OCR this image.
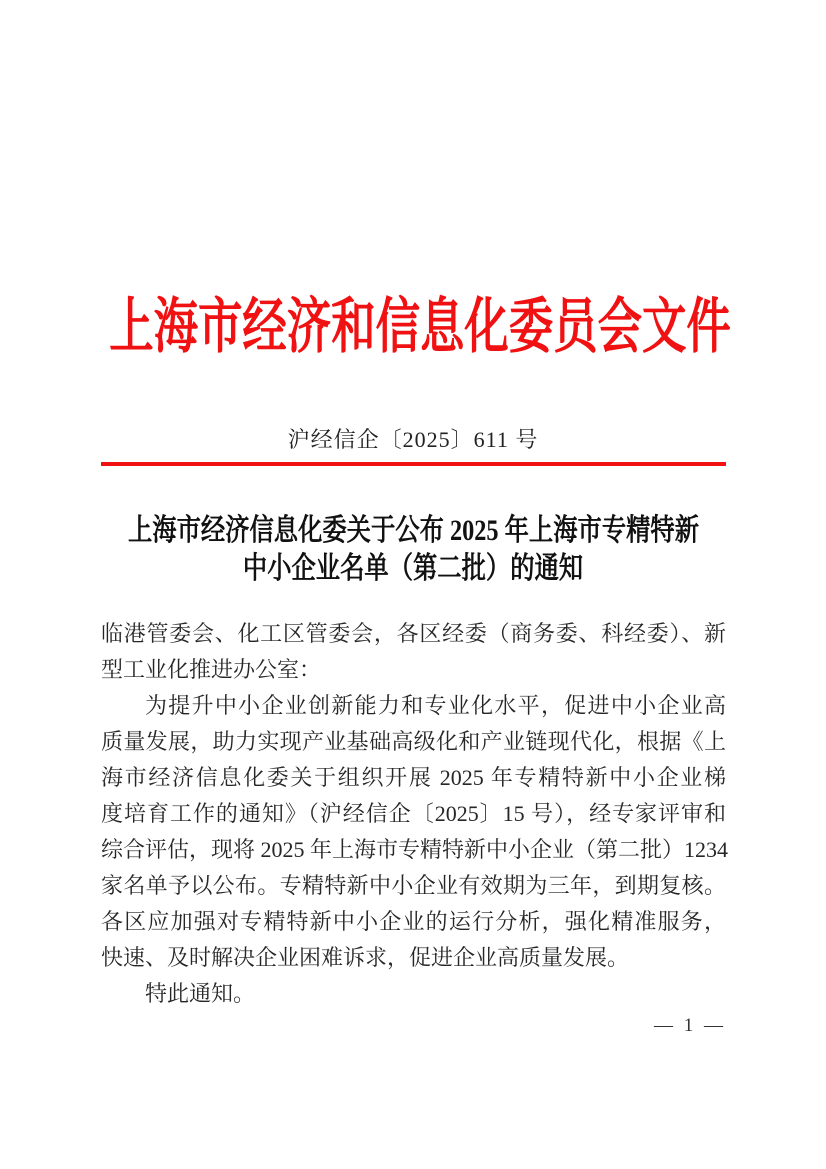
上海市经济和信息化委员会文件
沪经信企〔2025〕611 号
上海市经济信息化委关于公布 2025 年上海市专精特新
中小企业名单（第二批）的通知
临港管委会、化工区管委会，各区经委（商务委、科经委）、新
型工业化推进办公室：
为提升中小企业创新能力和专业化水平，促进中小企业高
质量发展，助力实现产业基础高级化和产业链现代化，根据《上
海市经济信息化委关于组织开展 2025 年专精特新中小企业梯
度培育工作的通知》（沪经信企〔2025〕15 号），经专家评审和
综合评估，现将 2025 年上海市专精特新中小企业（第二批）1234
家名单予以公布。专精特新中小企业有效期为三年，到期复核。
各区应加强对专精特新中小企业的运行分析，强化精准服务，
快速、及时解决企业困难诉求，促进企业高质量发展。
特此通知。
— 1 —
